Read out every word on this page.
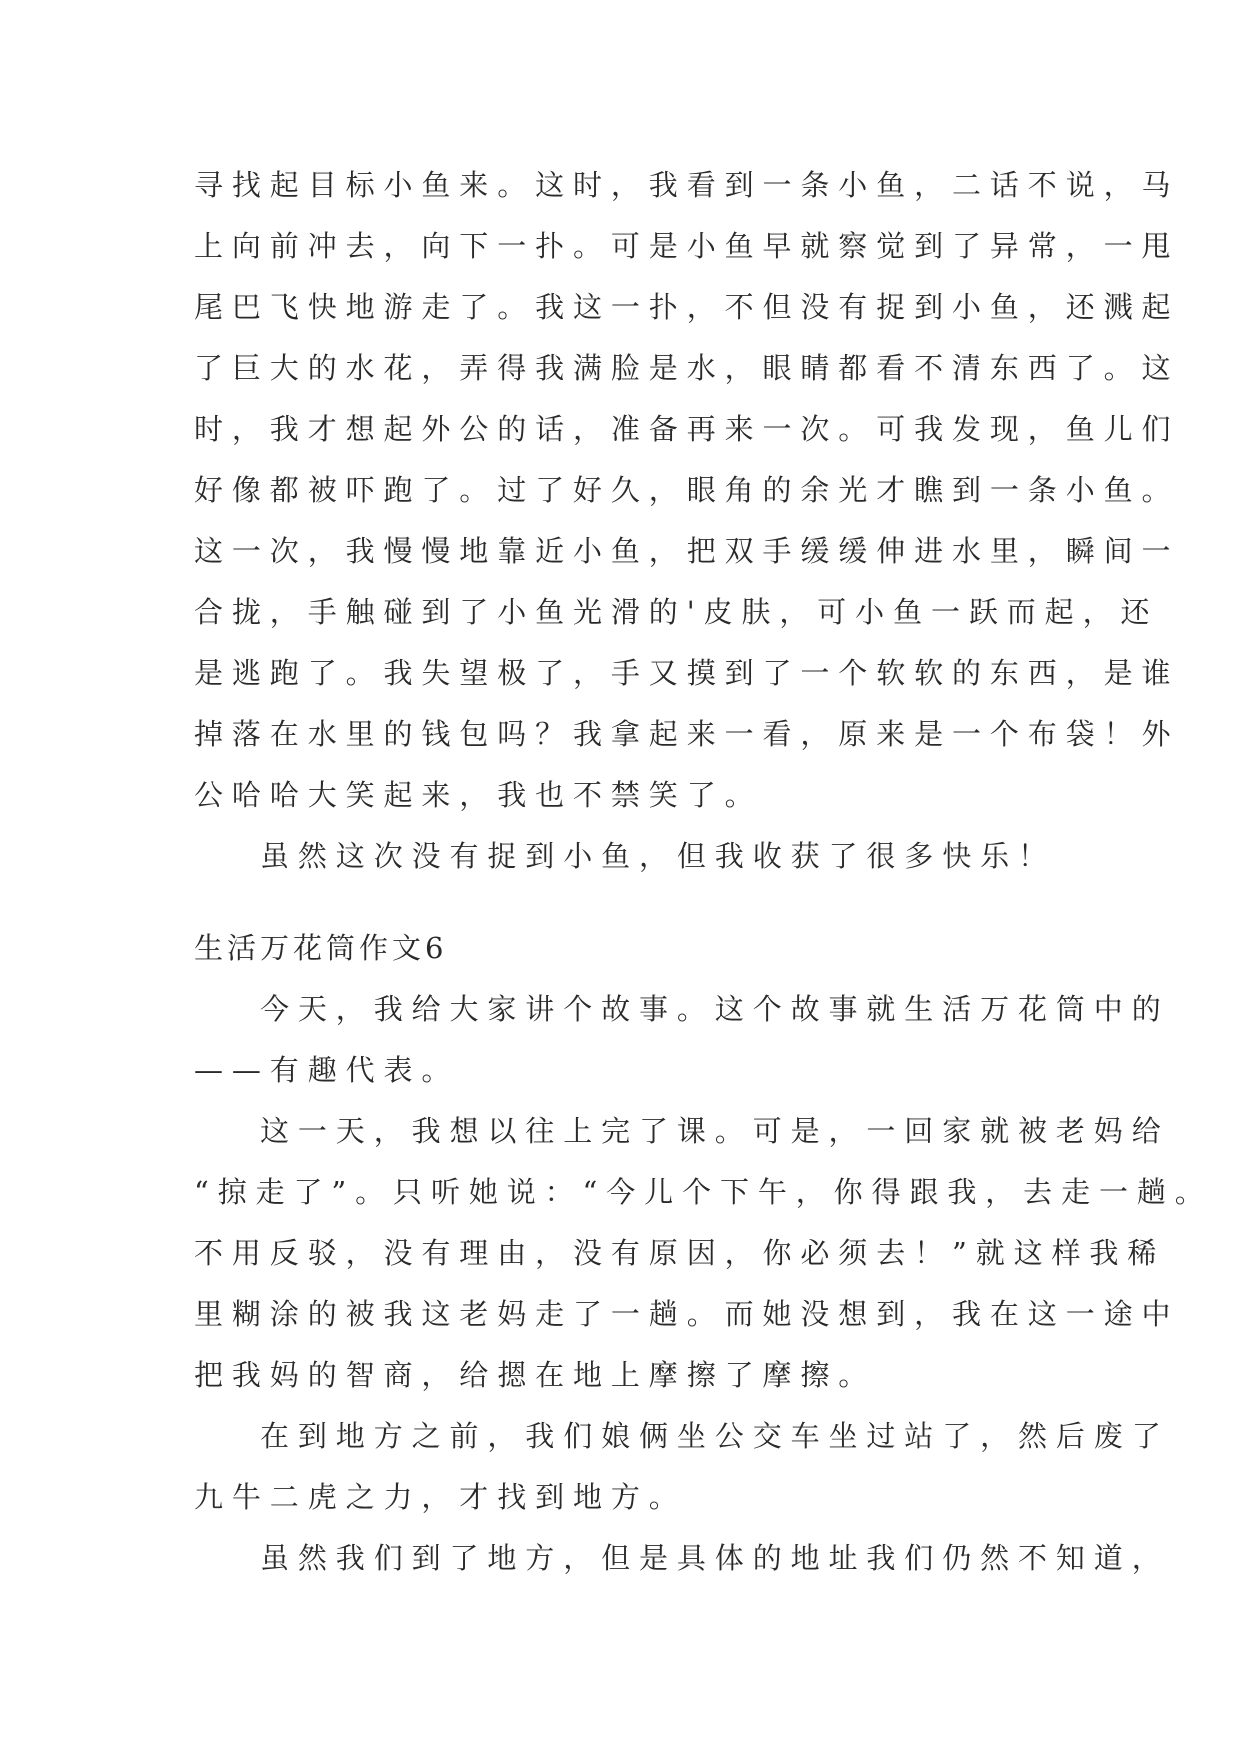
寻找起目标小鱼来。这时，我看到一条小鱼，二话不说，马
上向前冲去，向下一扑。可是小鱼早就察觉到了异常，一甩
尾巴飞快地游走了。我这一扑，不但没有捉到小鱼，还溅起
了巨大的水花，弄得我满脸是水，眼睛都看不清东西了。这
时，我才想起外公的话，准备再来一次。可我发现，鱼儿们
好像都被吓跑了。过了好久，眼角的余光才瞧到一条小鱼。
这一次，我慢慢地靠近小鱼，把双手缓缓伸进水里，瞬间一
合拢，手触碰到了小鱼光滑的'皮肤，可小鱼一跃而起，还
是逃跑了。我失望极了，手又摸到了一个软软的东西，是谁
掉落在水里的钱包吗？我拿起来一看，原来是一个布袋！外
公哈哈大笑起来，我也不禁笑了。
虽然这次没有捉到小鱼，但我收获了很多快乐！
生活万花筒作文6
今天，我给大家讲个故事。这个故事就生活万花筒中的
——有趣代表。
这一天，我想以往上完了课。可是，一回家就被老妈给
“掠走了”。只听她说：“今儿个下午，你得跟我，去走一趟。
不用反驳，没有理由，没有原因，你必须去！”就这样我稀
里糊涂的被我这老妈走了一趟。而她没想到，我在这一途中
把我妈的智商，给摁在地上摩擦了摩擦。
在到地方之前，我们娘俩坐公交车坐过站了，然后废了
九牛二虎之力，才找到地方。
虽然我们到了地方，但是具体的地址我们仍然不知道，
